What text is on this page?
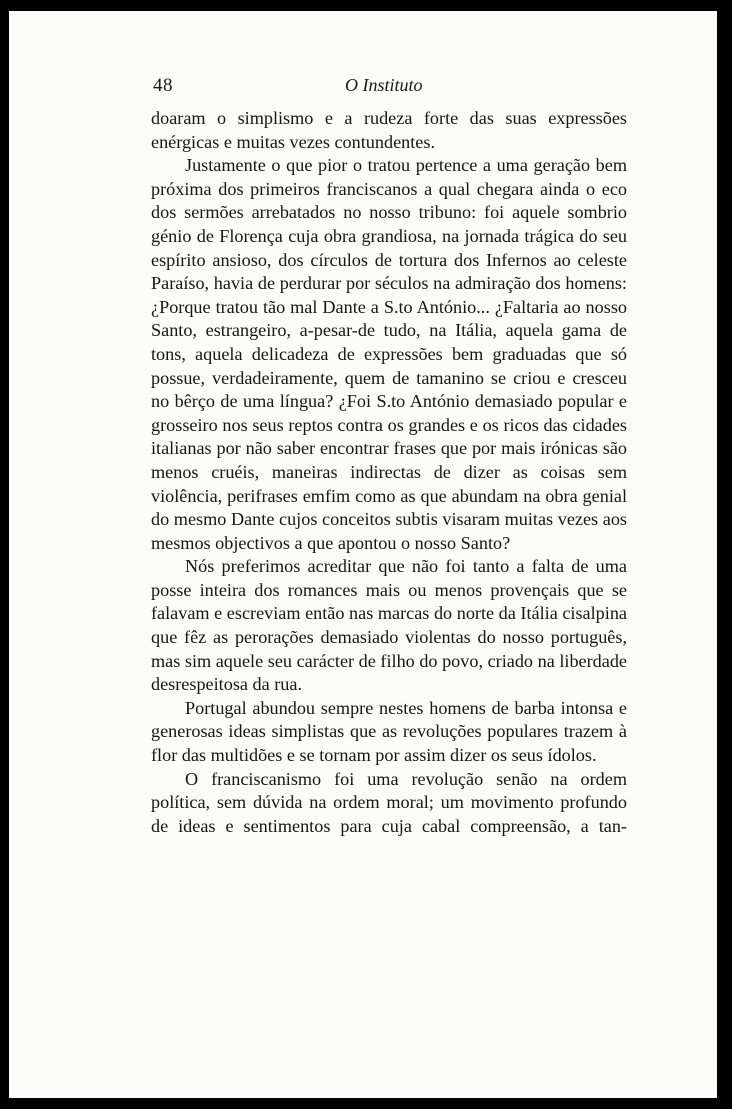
48	O Instituto

doaram o simplismo e a rudeza forte das suas expressões enérgicas e muitas vezes contundentes.

Justamente o que pior o tratou pertence a uma geração bem próxima dos primeiros franciscanos a qual chegara ainda o eco dos sermões arrebatados no nosso tribuno: foi aquele sombrio génio de Florença cuja obra grandiosa, na jornada trágica do seu espírito ansioso, dos círculos de tortura dos Infernos ao celeste Paraíso, havia de perdurar por séculos na admiração dos homens: ¿Porque tratou tão mal Dante a S.to António... ¿Faltaria ao nosso Santo, estrangeiro, a-pesar-de tudo, na Itália, aquela gama de tons, aquela delicadeza de expressões bem graduadas que só possue, verdadeiramente, quem de tamanino se criou e cresceu no bêrço de uma língua? ¿Foi S.to António demasiado popular e grosseiro nos seus reptos contra os grandes e os ricos das cidades italianas por não saber encontrar frases que por mais irónicas são menos cruéis, maneiras indirectas de dizer as coisas sem violência, perifrases emfim como as que abundam na obra genial do mesmo Dante cujos conceitos subtis visaram muitas vezes aos mesmos objectivos a que apontou o nosso Santo?

Nós preferimos acreditar que não foi tanto a falta de uma posse inteira dos romances mais ou menos provençais que se falavam e escreviam então nas marcas do norte da Itália cisalpina que fêz as perorações demasiado violentas do nosso português, mas sim aquele seu carácter de filho do povo, criado na liberdade desrespeitosa da rua.

Portugal abundou sempre nestes homens de barba intonsa e generosas ideas simplistas que as revoluções populares trazem à flor das multidões e se tornam por assim dizer os seus ídolos.

O franciscanismo foi uma revolução senão na ordem política, sem dúvida na ordem moral; um movimento profundo de ideas e sentimentos para cuja cabal compreensão, a tan-
